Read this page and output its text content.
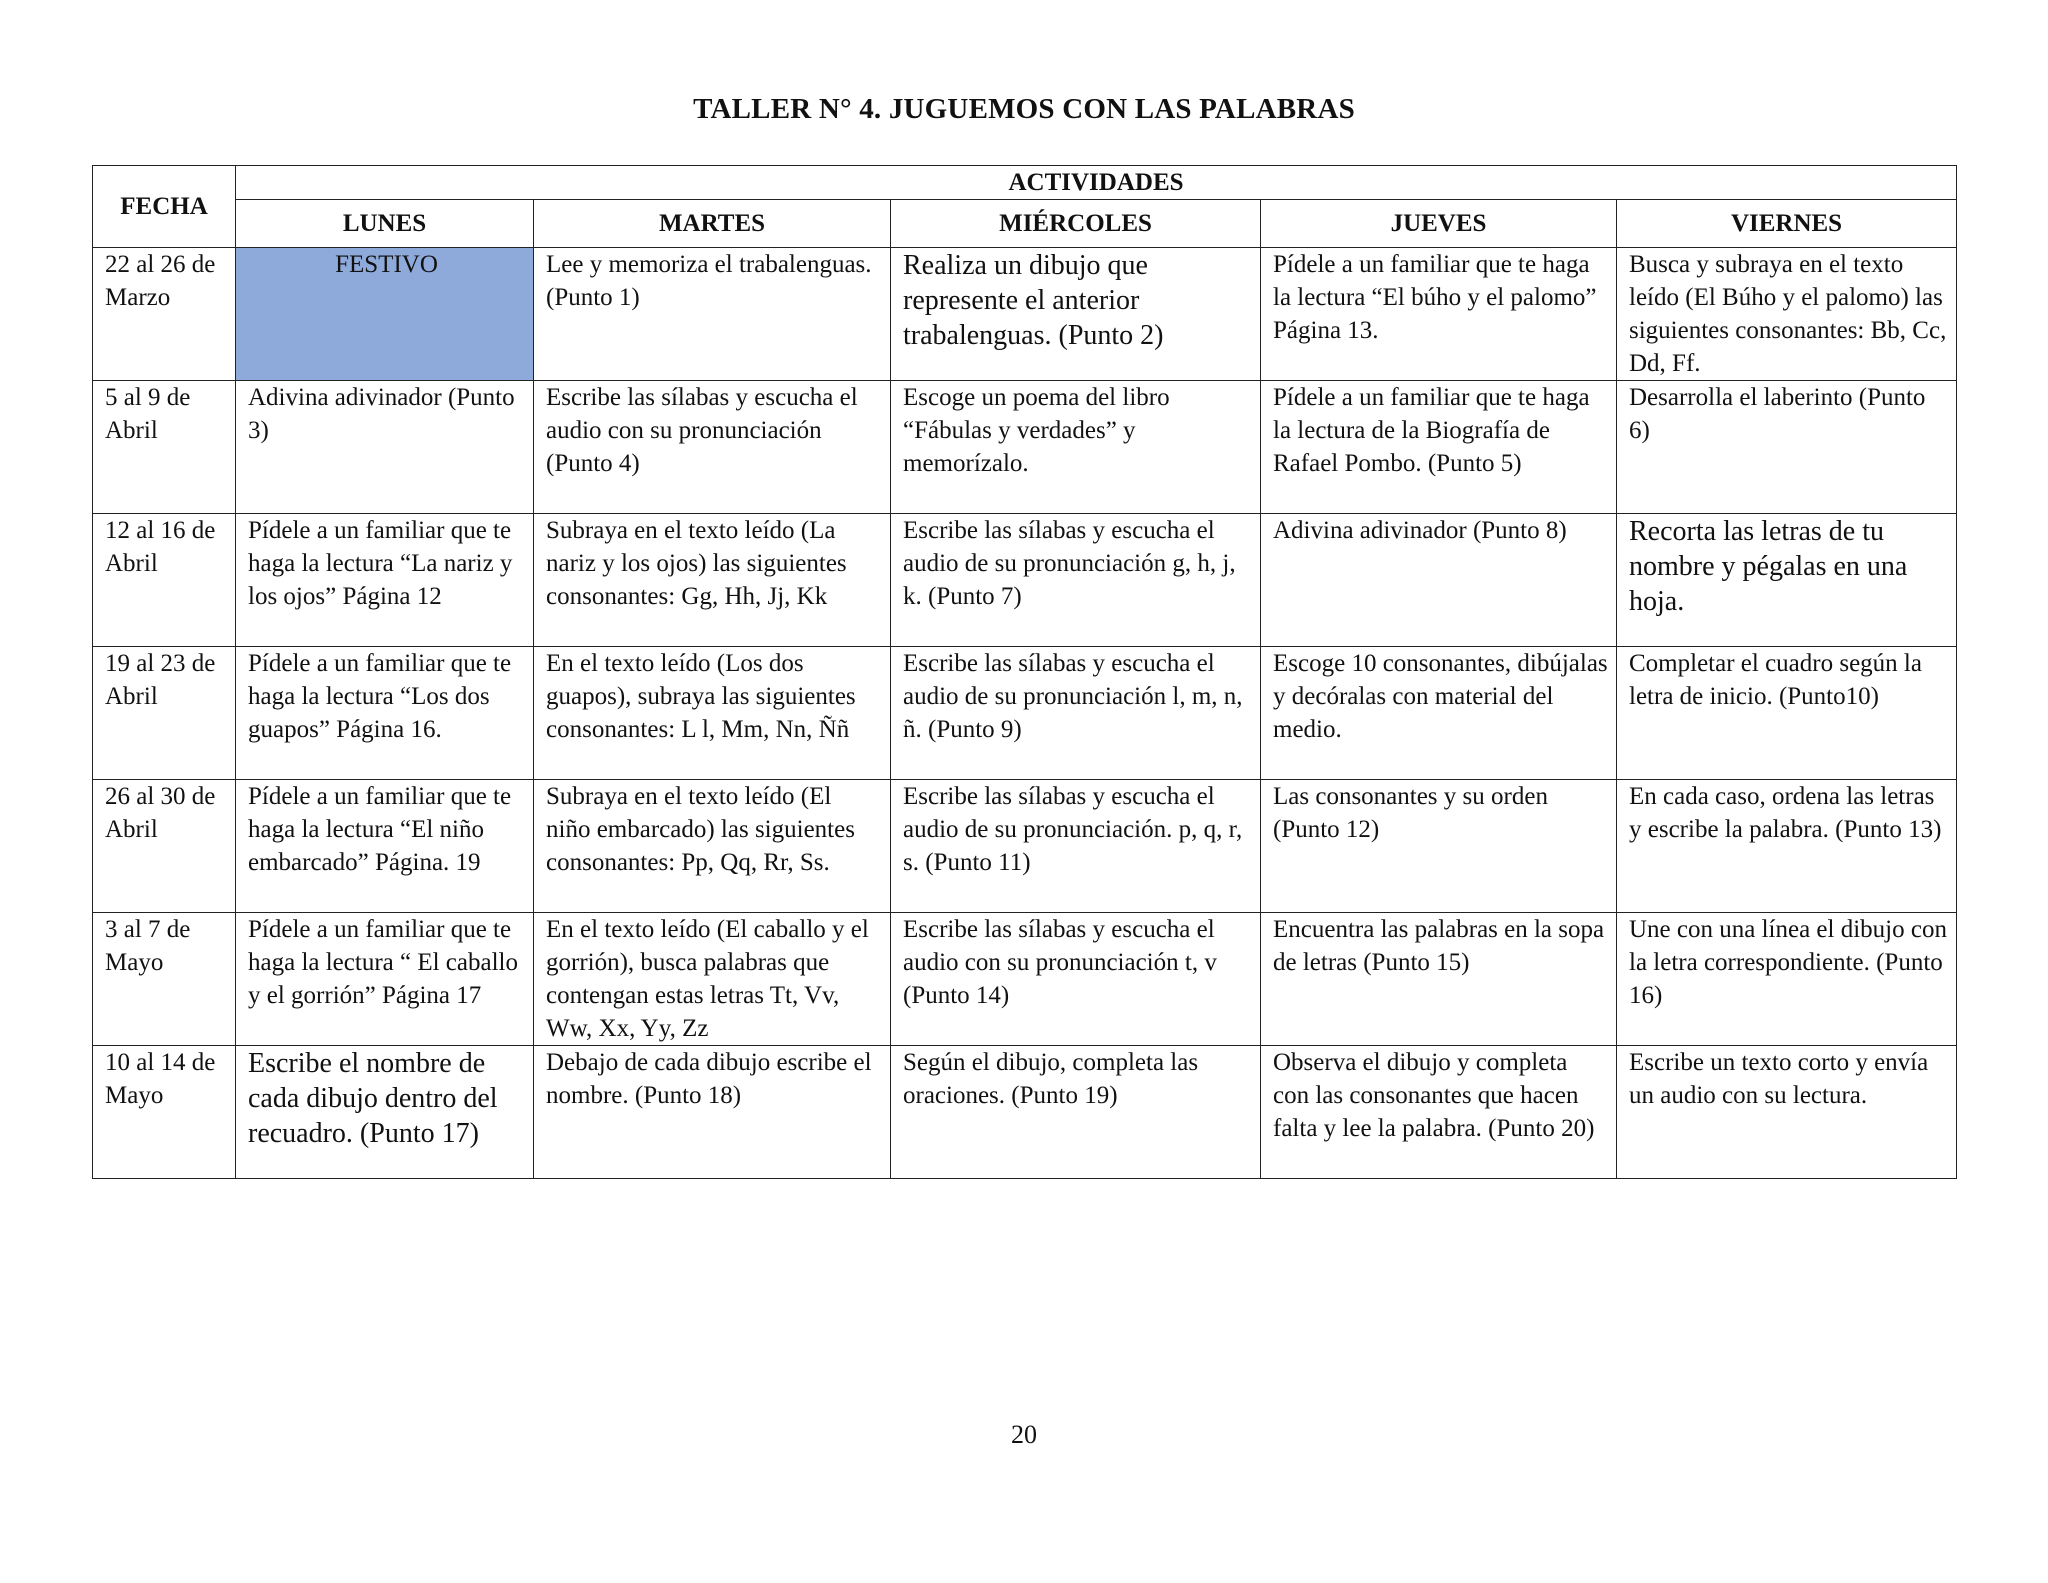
TALLER N° 4. JUGUEMOS CON LAS PALABRAS
FECHA	ACTIVIDADES				
	LUNES	MARTES	MIÉRCOLES	JUEVES	VIERNES
22 al 26 de Marzo	FESTIVO	Lee y memoriza el trabalenguas. (Punto 1)	Realiza un dibujo que represente el anterior trabalenguas. (Punto 2)	Pídele a un familiar que te haga la lectura “El búho y el palomo” Página 13.	Busca y subraya en el texto leído (El Búho y el palomo) las siguientes consonantes: Bb, Cc, Dd, Ff.
5 al 9 de Abril	Adivina adivinador (Punto 3)	Escribe las sílabas y escucha el audio con su pronunciación (Punto 4)	Escoge un poema del libro “Fábulas y verdades” y memorízalo.	Pídele a un familiar que te haga la lectura de la Biografía de Rafael Pombo. (Punto 5)	Desarrolla el laberinto (Punto 6)
12 al 16 de Abril	Pídele a un familiar que te haga la lectura “La nariz y los ojos” Página 12	Subraya en el texto leído (La nariz y los ojos) las siguientes consonantes: Gg, Hh, Jj, Kk	Escribe las sílabas y escucha el audio de su pronunciación g, h, j, k. (Punto 7)	Adivina adivinador (Punto 8)	Recorta las letras de tu nombre y pégalas en una hoja.
19 al 23 de Abril	Pídele a un familiar que te haga la lectura “Los dos guapos” Página 16.	En el texto leído (Los dos guapos), subraya las siguientes consonantes: L l, Mm, Nn, Ññ	Escribe las sílabas y escucha el audio de su pronunciación l, m, n, ñ. (Punto 9)	Escoge 10 consonantes, dibújalas y decóralas con material del medio.	Completar el cuadro según la letra de inicio. (Punto10)
26 al 30 de Abril	Pídele a un familiar que te haga la lectura “El niño embarcado” Página. 19	Subraya en el texto leído (El niño embarcado) las siguientes consonantes: Pp, Qq, Rr, Ss.	Escribe las sílabas y escucha el audio de su pronunciación. p, q, r, s. (Punto 11)	Las consonantes y su orden (Punto 12)	En cada caso, ordena las letras y escribe la palabra. (Punto 13)
3 al 7 de Mayo	Pídele a un familiar que te haga la lectura “ El caballo y el gorrión” Página 17	En el texto leído (El caballo y el gorrión), busca palabras que contengan estas letras Tt, Vv, Ww, Xx, Yy, Zz	Escribe las sílabas y escucha el audio con su pronunciación t, v (Punto 14)	Encuentra las palabras en la sopa de letras (Punto 15)	Une con una línea el dibujo con la letra correspondiente. (Punto 16)
10 al 14 de Mayo	Escribe el nombre de cada dibujo dentro del recuadro. (Punto 17)	Debajo de cada dibujo escribe el nombre. (Punto 18)	Según el dibujo, completa las oraciones. (Punto 19)	Observa el dibujo y completa con las consonantes que hacen falta y lee la palabra. (Punto 20)	Escribe un texto corto y envía un audio con su lectura.
20
